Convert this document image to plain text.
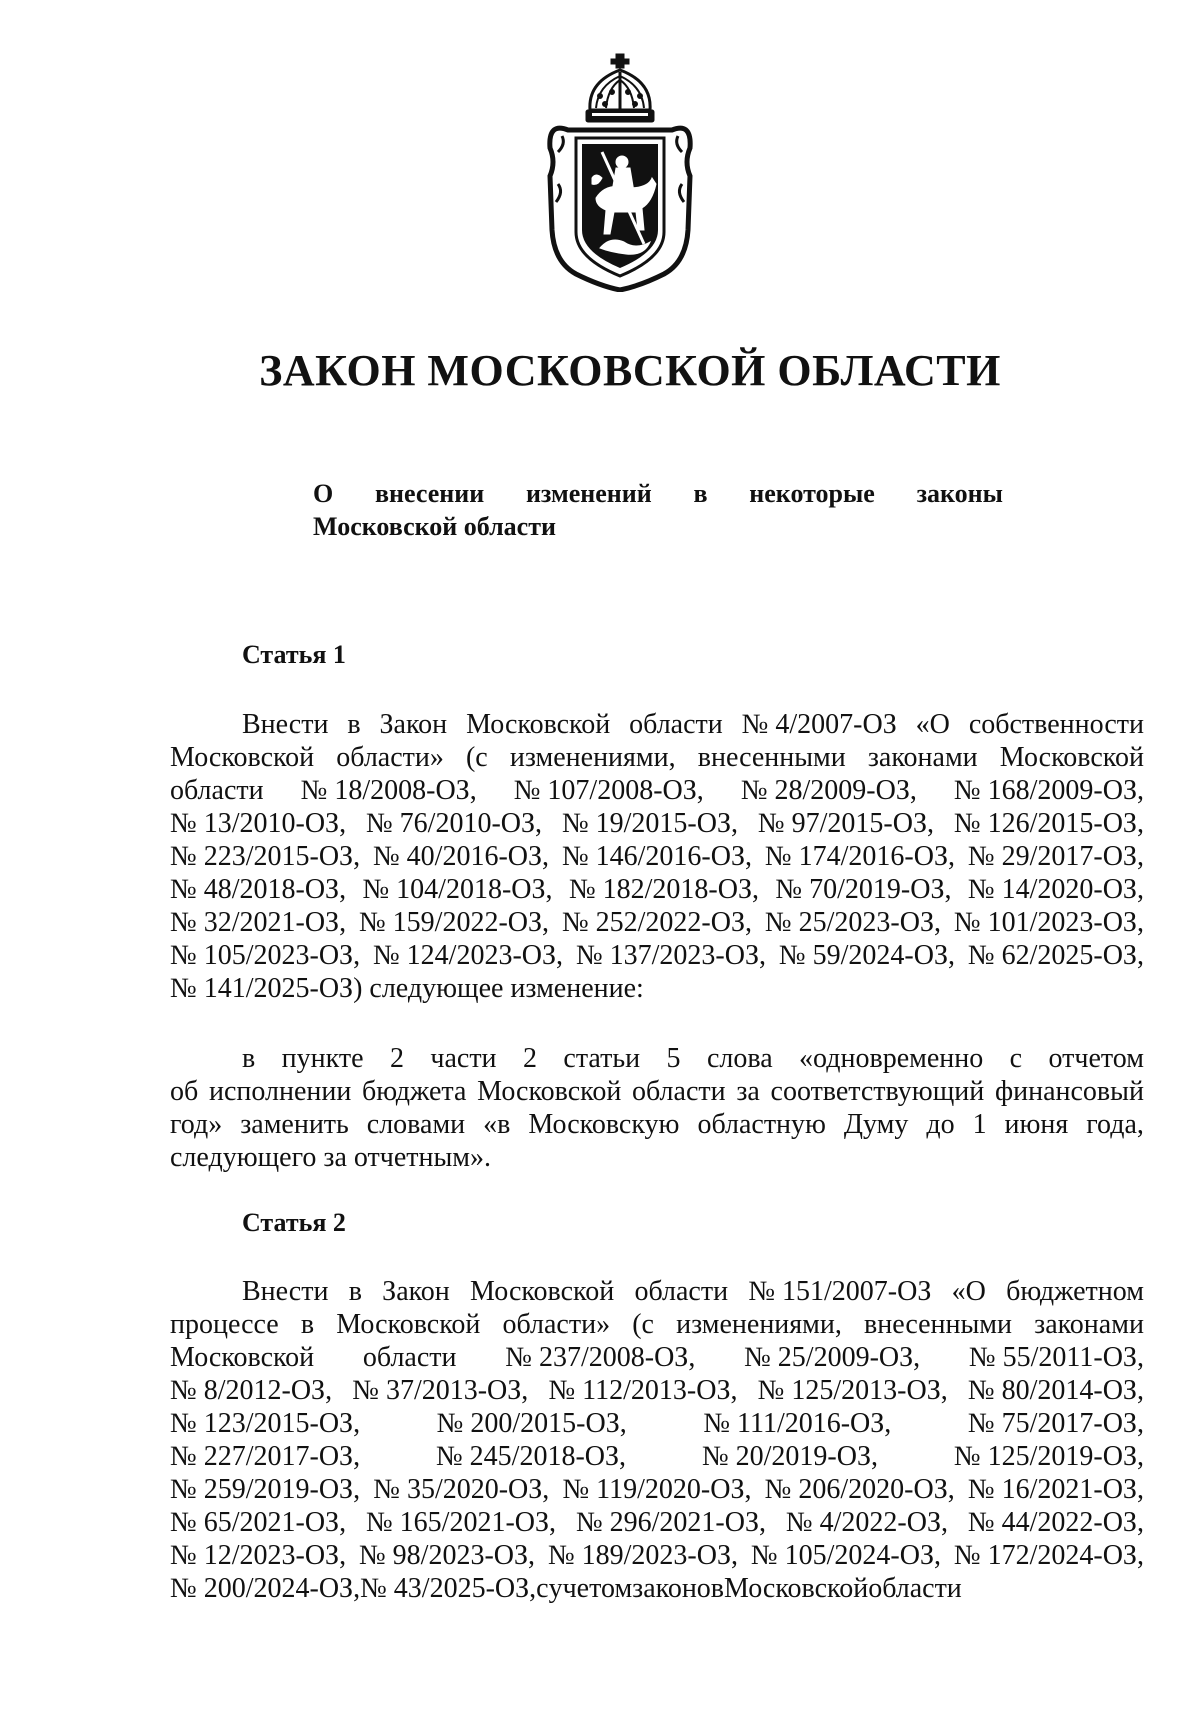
ЗАКОН МОСКОВСКОЙ ОБЛАСТИ
О внесении изменений в некоторые законы
Московской области
Статья 1
Внести в Закон Московской области № 4/2007-ОЗ «О собственности
Московской области» (с изменениями, внесенными законами Московской
области № 18/2008-ОЗ, № 107/2008-ОЗ, № 28/2009-ОЗ, № 168/2009-ОЗ,
№ 13/2010-ОЗ, № 76/2010-ОЗ, № 19/2015-ОЗ, № 97/2015-ОЗ, № 126/2015-ОЗ,
№ 223/2015-ОЗ, № 40/2016-ОЗ, № 146/2016-ОЗ, № 174/2016-ОЗ, № 29/2017-ОЗ,
№ 48/2018-ОЗ, № 104/2018-ОЗ, № 182/2018-ОЗ, № 70/2019-ОЗ, № 14/2020-ОЗ,
№ 32/2021-ОЗ, № 159/2022-ОЗ, № 252/2022-ОЗ, № 25/2023-ОЗ, № 101/2023-ОЗ,
№ 105/2023-ОЗ, № 124/2023-ОЗ, № 137/2023-ОЗ, № 59/2024-ОЗ, № 62/2025-ОЗ,
№ 141/2025-ОЗ) следующее изменение:
в пункте 2 части 2 статьи 5 слова «одновременно с отчетом
об исполнении бюджета Московской области за соответствующий финансовый
год» заменить словами «в Московскую областную Думу до 1 июня года,
следующего за отчетным».
Статья 2
Внести в Закон Московской области № 151/2007-ОЗ «О бюджетном
процессе в Московской области» (с изменениями, внесенными законами
Московской области № 237/2008-ОЗ, № 25/2009-ОЗ, № 55/2011-ОЗ,
№ 8/2012-ОЗ, № 37/2013-ОЗ, № 112/2013-ОЗ, № 125/2013-ОЗ, № 80/2014-ОЗ,
№ 123/2015-ОЗ,	№ 200/2015-ОЗ,	№ 111/2016-ОЗ,	№ 75/2017-ОЗ,
№ 227/2017-ОЗ,	№ 245/2018-ОЗ,	№ 20/2019-ОЗ,	№ 125/2019-ОЗ,
№ 259/2019-ОЗ, № 35/2020-ОЗ, № 119/2020-ОЗ, № 206/2020-ОЗ, № 16/2021-ОЗ,
№ 65/2021-ОЗ, № 165/2021-ОЗ, № 296/2021-ОЗ, № 4/2022-ОЗ, № 44/2022-ОЗ,
№ 12/2023-ОЗ, № 98/2023-ОЗ, № 189/2023-ОЗ, № 105/2024-ОЗ, № 172/2024-ОЗ,
№ 200/2024-ОЗ, № 43/2025-ОЗ, с учетом законов Московской области
